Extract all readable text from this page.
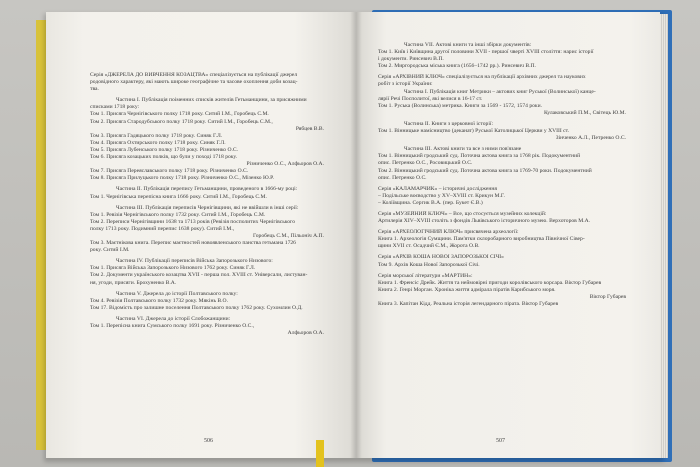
Серія «ДЖЕРЕЛА ДО ВИВЧЕННЯ КОЗАЦТВА» спеціалізується на публікації джерел
родовідного характеру, які мають широке географічне та часове охоплення доби козац-
тва.
Частина І. Публікація поіменних списків жителів Гетьманщини, за присяжними
списками 1718 року:
Том 1. Присяга Чернігівського полку 1718 року. Ситий І.М., Горобець С.М.
Том 2. Присяга Стародубського полку 1718 року. Ситий І.М., Горобець С.М.,
Рябцев В.В.
Том 3. Присяга Гадяцького полку 1718 року. Синяк Г.Л.
Том 4. Присяга Охтирського полку 1718 року. Синяк Г.Л.
Том 5. Присяга Лубенського полку 1718 року. Різниченко О.С.
Том 6. Присяга козацьких полків, що були у поході 1718 року.
Різниченко О.С., Алфьоров О.А.
Том 7. Присяга Переяславського полку 1718 року. Різниченко О.С.
Том 8. Присяга Прилуцького полку 1718 року. Різниченко О.С., Мізенко Ю.Р.
Частина ІІ. Публікація перепису Гетьманщини, проведеного в 1666-му році:
Том 1. Чернігівська перепісна книга 1666 року. Ситий І.М., Горобець С.М.
Частина ІІІ. Публікація переписів Чернігівщини, які не ввійшли в інші серії:
Том 1. Ревізія Чернігівського полку 1732 року. Ситий І.М., Горобець С.М.
Том 2. Переписи Чернігівщини 1638 та 1713 років (Ревізія посполитих Чернігівського
полку 1713 року. Подимний перепис 1638 року). Ситий І.М.,
Горобець С.М., Пільоніч А.П.
Том 3. Маєтнікова книга. Перепис маєтностей новоявленського панства гетьмана 1726
року. Ситий І.М.
Частина IV. Публікації переписів Війська Запорозького Низового:
Том 1. Присяга Війська Запорозького Низового 1762 року. Синяк Г.Л.
Том 2. Документи українського козацтва XVII - перша пол. XVIII ст. Універсали, листуван-
ня, угоди, присяги. Брохуненко В.А.
Частина V. Джерела до історії Полтавського полку:
Том 4. Ревізія Полтавського полку 1732 року. Мякінь В.О.
Том 17. Відомість про залишне поселення Полтавського полку 1762 року. Сухомлин О.Д.
Частина VI. Джерела до історії Слобожанщини:
Том 1. Перепісна книга Сумського полку 1691 року. Різниченко О.С.,
Алфьоров О.А.
506
Частина VII. Актові книги та інші збірки документів:
Том 1. Київ і Київщина другої половини XVII - першої чверті XVIII століття: нарис історії
і документи. Ринсевич В.П.
Том 2. Миргородська міська книга (1656–1742 рр.). Ринсевич В.П.
Серія «АРХІВНИЙ КЛЮЧ» спеціалізується на публікації архівних джерел та наукових
робіт з історії України:
Частина І. Публікація книг Метрики – актових книг Руської (Волинської) канце-
лярії Речі Посполитої, які велися в 16-17 ст.
Том 1. Руська (Волинська) метрика. Книги за 1569 - 1572, 1574 роки.
Кулаковський П.М., Світець Ю.М.
Частина ІІ. Книги з церковної історії:
Том 1. Вінницьке намісництво (деканат) Руської Католицької Церкви у XVIII ст.
Зінченко А.Л., Петренко О.С.
Частина ІІІ. Актові книги та все з ними пов'язане
Том 1. Вінницький гродський суд. Поточна актова книга за 1768 рік. Подокументний
опис. Петренко О.С., Росовицький О.С.
Том 2. Вінницький гродський суд. Поточна актова книга за 1769-70 роки. Подокументний
опис. Петренко О.С.
Серія «КАЛАМАРЧИК» – історичні дослідження
– Подільське воєводство у XV–XVIII ст. Крикун М.Г.
– Коліївщина. Сергик В.А. (пер. Букет Є.В.)
Серія «МУЗЕЙНИЙ КЛЮЧ» – Все, що стосується музейних колекцій:
Артилерія XIV–XVIII століть з фондів Львівського історичного музею. Верхоторов М.А.
Серія «АРХЕОЛОГІЧНИЙ КЛЮЧ» присвячена археології:
Книга 1. Археологія Сумщини. Пам'ятки склоробарного виробництва Північної Сівер-
щини XVII ст. Осадчий Є.М., Жорота О.В.
Серія «АРХІВ КОША НОВОЇ ЗАПОРОЗЬКОЇ СІЧІ»
Том 9. Архів Коша Нової Запорозької Січі.
Серія морської літератури «МАРТИН»:
Книга 1. Френсіс Дрейк. Життя та неймовірні пригоди королівського корсара. Віктор Губарев
Книга 2. Генрі Морган. Хроніка життя адмірала піратів Карибського моря.
Віктор Губарев
Книга 3. Капітан Кідд. Реальна історія легендарного пірата. Віктор Губарев
507
